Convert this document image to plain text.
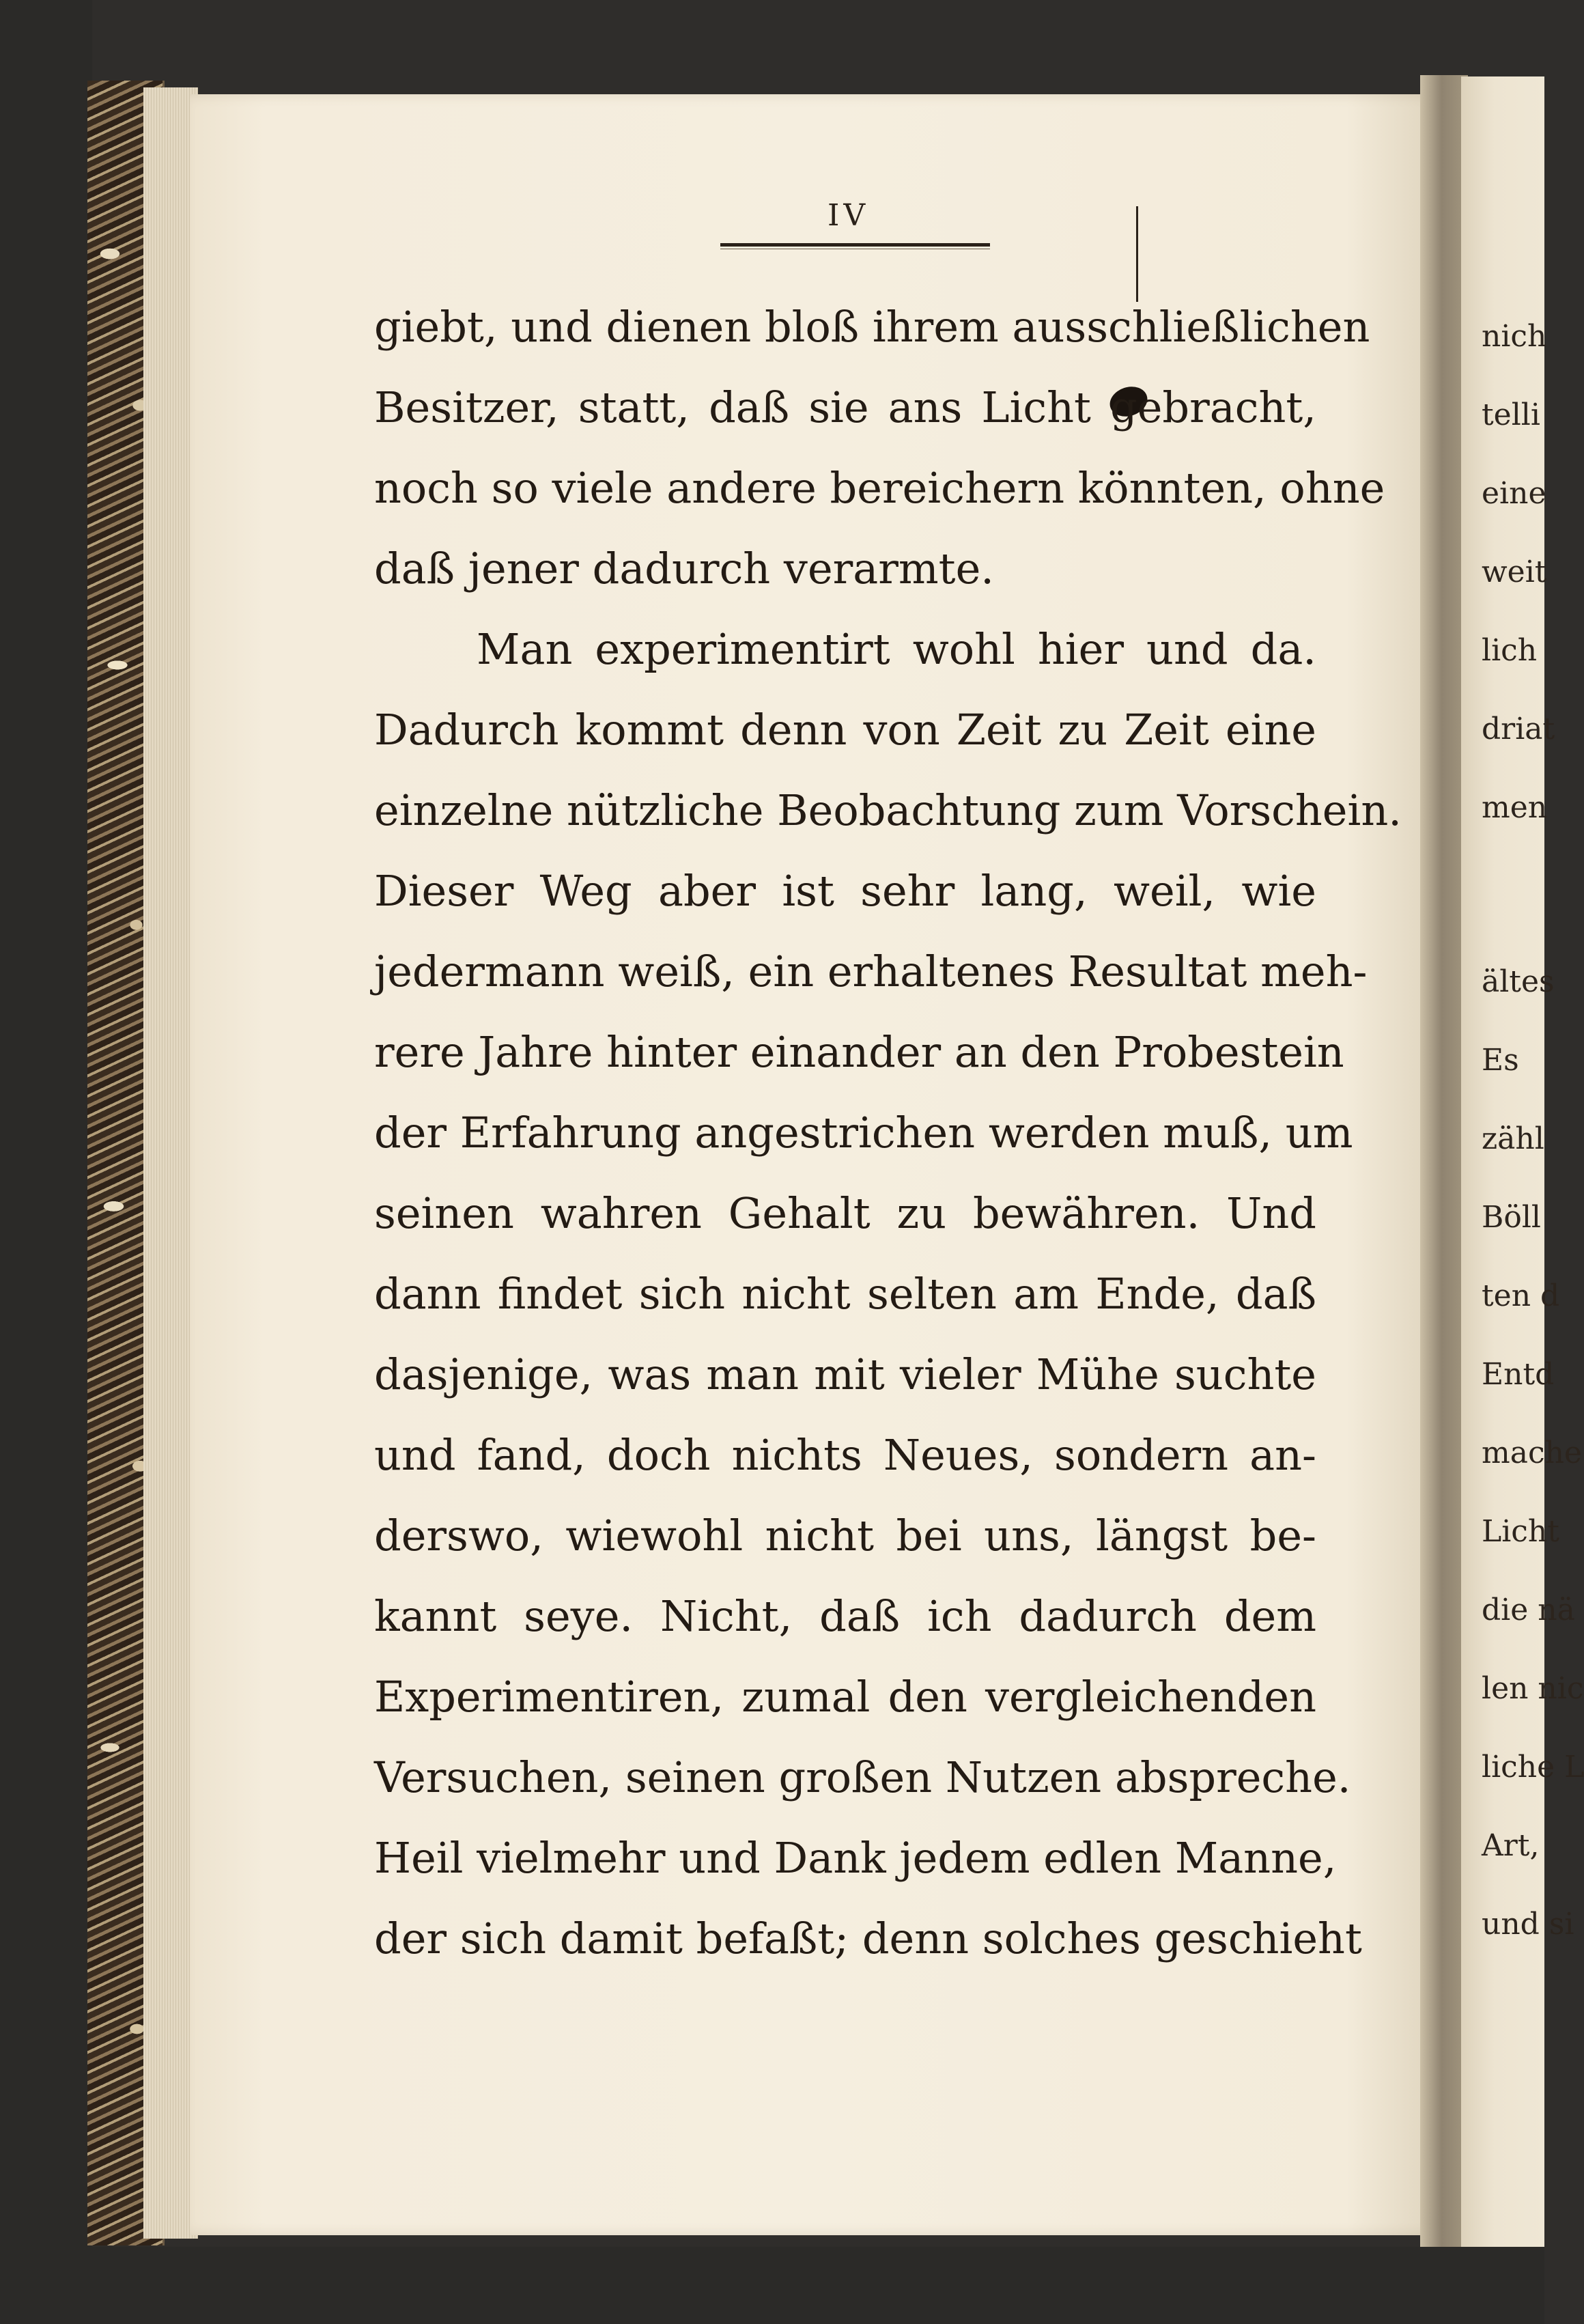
IV
giebt, und dienen bloß ihrem ausschließlichen
Besitzer, statt, daß sie ans Licht gebracht,
noch so viele andere bereichern könnten, ohne
daß jener dadurch verarmte.
Man experimentirt wohl hier und da.
Dadurch kommt denn von Zeit zu Zeit eine
einzelne nützliche Beobachtung zum Vorschein.
Dieser Weg aber ist sehr lang, weil, wie
jedermann weiß, ein erhaltenes Resultat meh-
rere Jahre hinter einander an den Probestein
der Erfahrung angestrichen werden muß, um
seinen wahren Gehalt zu bewähren. Und
dann findet sich nicht selten am Ende, daß
dasjenige, was man mit vieler Mühe suchte
und fand, doch nichts Neues, sondern an-
derswo, wiewohl nicht bei uns, längst be-
kannt seye. Nicht, daß ich dadurch dem
Experimentiren, zumal den vergleichenden
Versuchen, seinen großen Nutzen abspreche.
Heil vielmehr und Dank jedem edlen Manne,
der sich damit befaßt; denn solches geschieht
nich
telli
eine
weit
lich
driat
men
ältes
Es
zähl
Böll
ten d
Entd
mache
Licht
die nä
len nic
liche L
Art,
und si
